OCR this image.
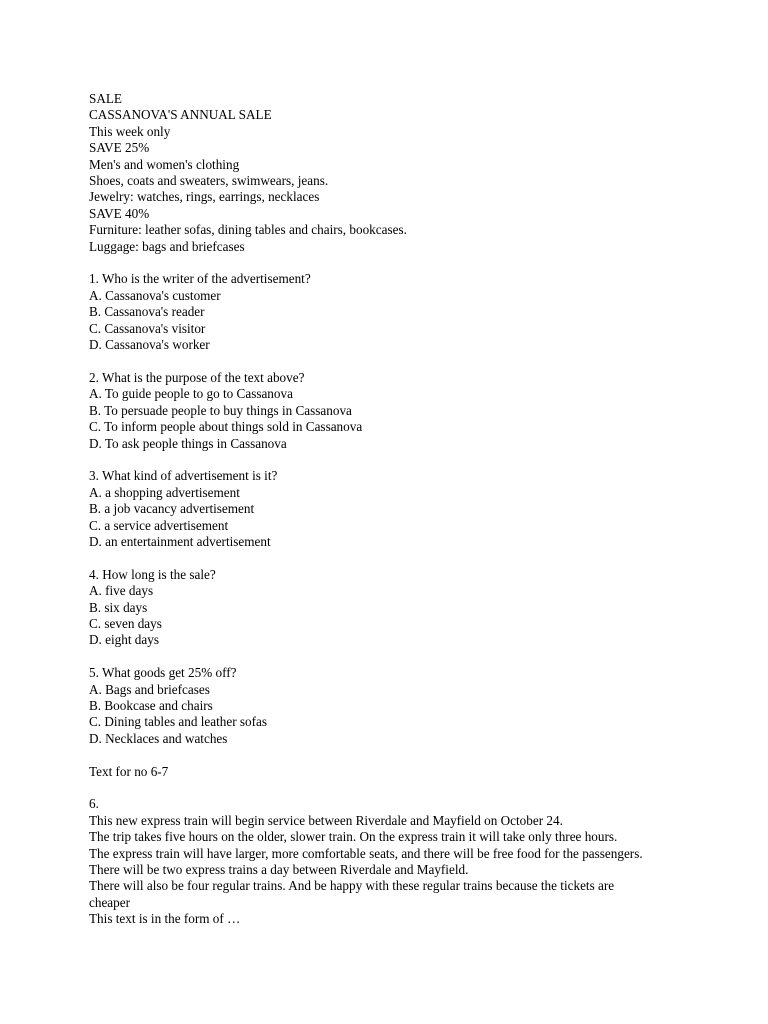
SALE
CASSANOVA'S ANNUAL SALE
This week only
SAVE 25%
Men's and women's clothing
Shoes, coats and sweaters, swimwears, jeans.
Jewelry: watches, rings, earrings, necklaces
SAVE 40%
Furniture: leather sofas, dining tables and chairs, bookcases.
Luggage: bags and briefcases
1. Who is the writer of the advertisement?
A. Cassanova's customer
B. Cassanova's reader
C. Cassanova's visitor
D. Cassanova's worker
2. What is the purpose of the text above?
A. To guide people to go to Cassanova
B. To persuade people to buy things in Cassanova
C. To inform people about things sold in Cassanova
D. To ask people things in Cassanova
3. What kind of advertisement is it?
A. a shopping advertisement
B. a job vacancy advertisement
C. a service advertisement
D. an entertainment advertisement
4. How long is the sale?
A. five days
B. six days
C. seven days
D. eight days
5. What goods get 25% off?
A. Bags and briefcases
B. Bookcase and chairs
C. Dining tables and leather sofas
D. Necklaces and watches
Text for no 6-7
6.
This new express train will begin service between Riverdale and Mayfield on October 24.
The trip takes five hours on the older, slower train. On the express train it will take only three hours.
The express train will have larger, more comfortable seats, and there will be free food for the passengers.
There will be two express trains a day between Riverdale and Mayfield.
There will also be four regular trains. And be happy with these regular trains because the tickets are
cheaper
This text is in the form of …
